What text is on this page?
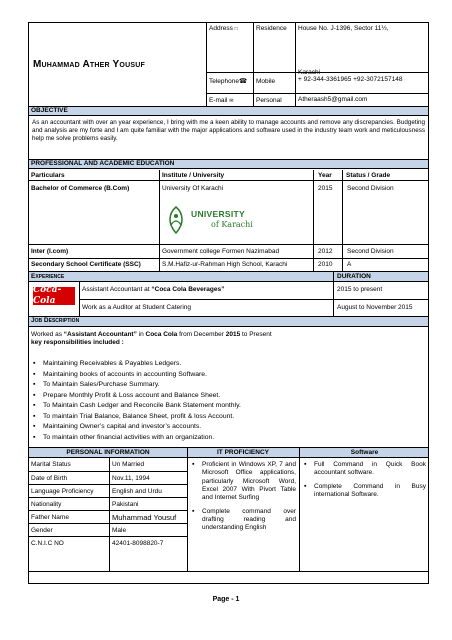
Muhammad Ather Yousuf
Address □	Residence House No. J-1396, Sector 11½,
Karachi
Telephone☎ Mobile	+ 92-344-3361965 +92-3072157148
E-mail ✉	Personal	Atheraash5@gmail.com
OBJECTIVE
As an accountant with over an year experience, I bring with me a keen ability to manage accounts and remove any discrepancies. Budgeting and analysis are my forte and I am quite familiar with the major applications and software used in the industry team work and meticulousness help me solve problems easily.
PROFESSIONAL AND ACADEMIC EDUCATION
Particulars	Institute / University	Year Status / Grade
Bachelor of Commerce (B.Com)	University Of Karachi	2015 Second Division
UNIVERSITY
of Karachi
Inter (I.com)	Government college Formen Nazimabad	2012 Second Division
Secondary School Certificate (SSC)	S.M.Hafiz-ur-Rahman High School, Karachi	2010 A
Experience	DURATION
Coca-Cola
Assistant Accountant at “Coca Cola Beverages”	2015 to present
Work as a Auditor at Student Catering	August to November 2015
Job Description
Worked as “Assistant Accountant” in Coca Cola from December 2015 to Present
key responsibilities included :
▪ Maintaining Receivables & Payables Ledgers.
▪ Maintaining books of accounts in accounting Software.
▪ To Maintain Sales/Purchase Summary.
▪ Prepare Monthly Profit & Loss account and Balance Sheet.
▪ To Maintain Cash Ledger and Reconcile Bank Statement monthly.
▪ To maintain Trial Balance, Balance Sheet, profit & loss Account.
▪ Maintaining Owner’s capital and investor’s accounts.
▪ To maintain other financial activities with an organization.
PERSONAL INFORMATION	IT PROFICIENCY	Software
Marital Status	Un Married
Date of Birth	Nov.11, 1994
Language Proficiency	English and Urdu
Nationality	Pakistani
Father Name	Muhammad Yousuf
Gender	Male
C.N.I.C NO	42401-8098820-7
▪ Proficient in Windows XP, 7 and Microsoft Office applications, particularly Microsoft Word, Excel 2007 With Pivort Table and Internet Surfing
▪ Complete command over drafting reading and understanding English
▪ Full Command in Quick Book accountant software.
▪ Complete Command in Busy international Software.
Page - 1
